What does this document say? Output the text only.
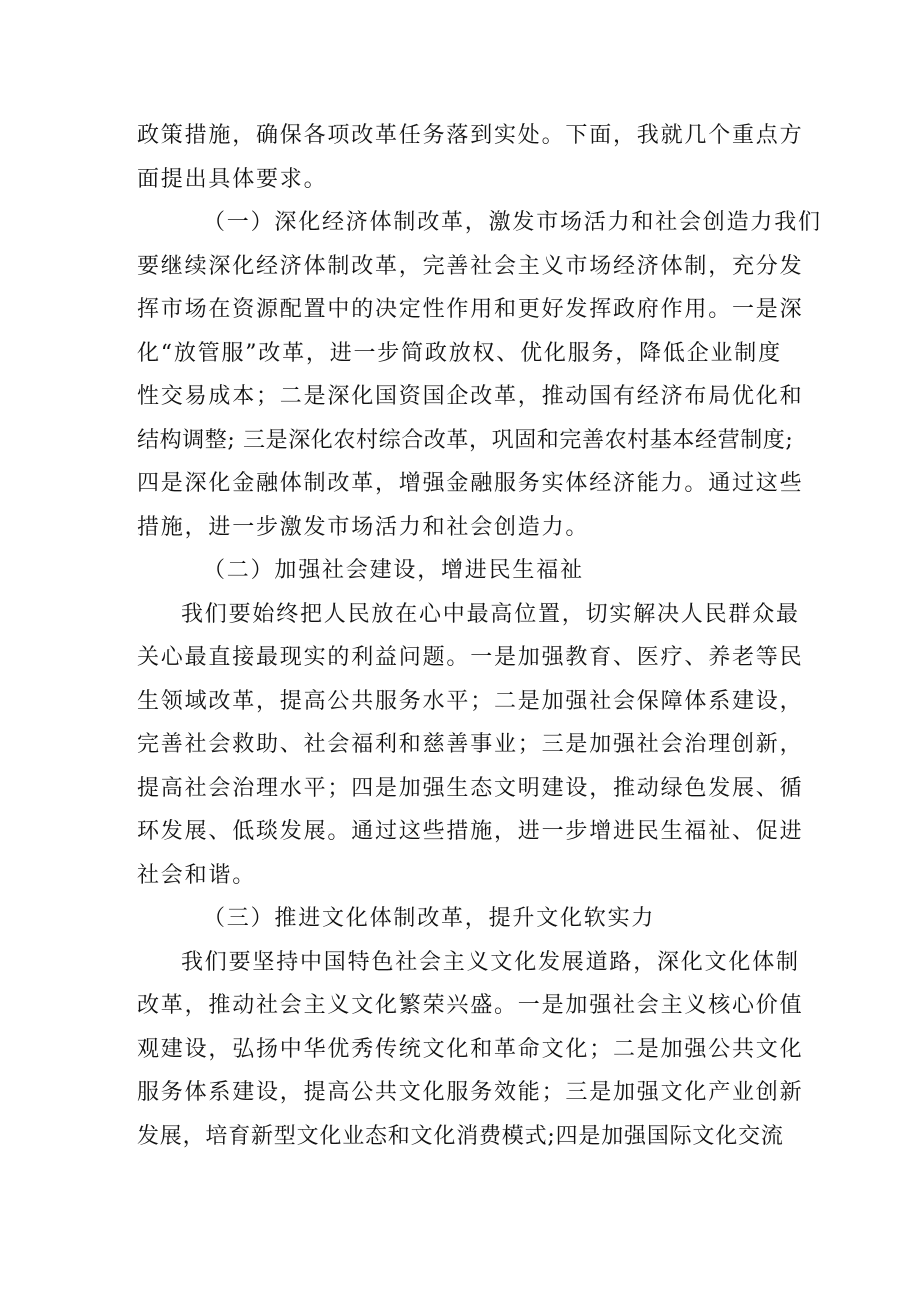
政策措施，确保各项改革任务落到实处。下面，我就几个重点方
面提出具体要求。
（一）深化经济体制改革，激发市场活力和社会创造力我们
要继续深化经济体制改革，完善社会主义市场经济体制，充分发
挥市场在资源配置中的决定性作用和更好发挥政府作用。一是深
化“放管服”改革，进一步简政放权、优化服务，降低企业制度
性交易成本；二是深化国资国企改革，推动国有经济布局优化和
结构调整; 三是深化农村综合改革，巩固和完善农村基本经营制度;
四是深化金融体制改革，增强金融服务实体经济能力。通过这些
措施，进一步激发市场活力和社会创造力。
（二）加强社会建设，增进民生福祉
我们要始终把人民放在心中最高位置，切实解决人民群众最
关心最直接最现实的利益问题。一是加强教育、医疗、养老等民
生领域改革，提高公共服务水平；二是加强社会保障体系建设，
完善社会救助、社会福利和慈善事业；三是加强社会治理创新，
提高社会治理水平；四是加强生态文明建设，推动绿色发展、循
环发展、低琰发展。通过这些措施，进一步增进民生福祉、促进
社会和谐。
（三）推进文化体制改革，提升文化软实力
我们要坚持中国特色社会主义文化发展道路，深化文化体制
改革，推动社会主义文化繁荣兴盛。一是加强社会主义核心价值
观建设，弘扬中华优秀传统文化和革命文化；二是加强公共文化
服务体系建设，提高公共文化服务效能；三是加强文化产业创新
发展，培育新型文化业态和文化消费模式;四是加强国际文化交流
